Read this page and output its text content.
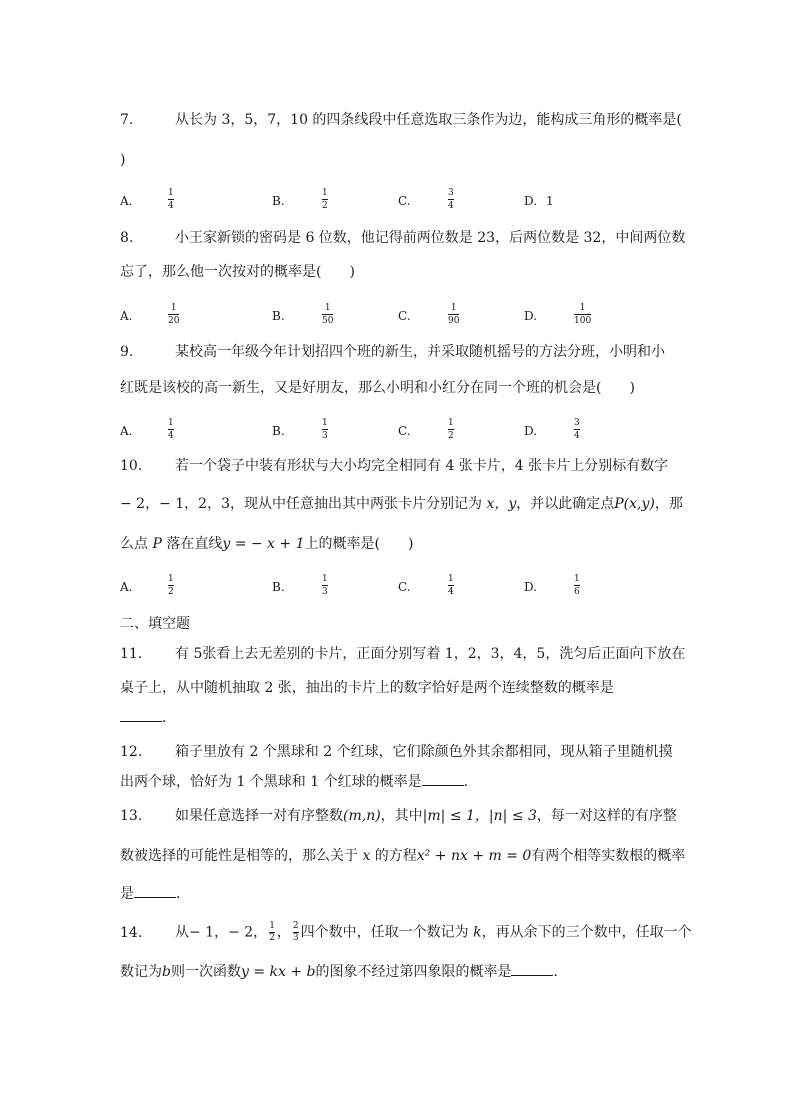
7.	从长为 3，5，7，10 的四条线段中任意选取三条作为边，能构成三角形的概率是(
)
A.
1
4	B.
1
2	C.
3
4	D. 1
8.	小王家新锁的密码是 6 位数，他记得前两位数是 23，后两位数是 32，中间两位数
忘了，那么他一次按对的概率是(　　)
A.
1
20	B.
1
50	C.
1
90	D.
1
100
9.	某校高一年级今年计划招四个班的新生，并采取随机摇号的方法分班，小明和小
红既是该校的高一新生，又是好朋友，那么小明和小红分在同一个班的机会是(　　)
A.
1
4	B.
1
3	C.
1
2	D.
3
4
10. 若一个袋子中装有形状与大小均完全相同有 4 张卡片，4 张卡片上分别标有数字
− 2，− 1，2，3，现从中任意抽出其中两张卡片分别记为 x，y，并以此确定点P(x,y)，那
么点 P 落在直线y = − x + 1上的概率是(　　)
A.
1
2	B.
1
3	C.
1
4	D.
1
6
二、填空题
11. 有 5张看上去无差别的卡片，正面分别写着 1，2，3，4，5，洗匀后正面向下放在
桌子上，从中随机抽取 2 张，抽出的卡片上的数字恰好是两个连续整数的概率是
．
12. 箱子里放有 2 个黑球和 2 个红球，它们除颜色外其余都相同，现从箱子里随机摸
出两个球，恰好为 1 个黑球和 1 个红球的概率是	．
13. 如果任意选择一对有序整数(m,n)，其中|m| ≤ 1，|n| ≤ 3，每一对这样的有序整
数被选择的可能性是相等的，那么关于 x 的方程x² + nx + m = 0有两个相等实数根的概率
是	．
14. 从− 1，− 2， $\frac{1}{2}$ ， $\frac{2}{3}$ 四个数中，任取一个数记为 k，再从余下的三个数中，任取一个
数记为b则一次函数y = kx + b的图象不经过第四象限的概率是	．
